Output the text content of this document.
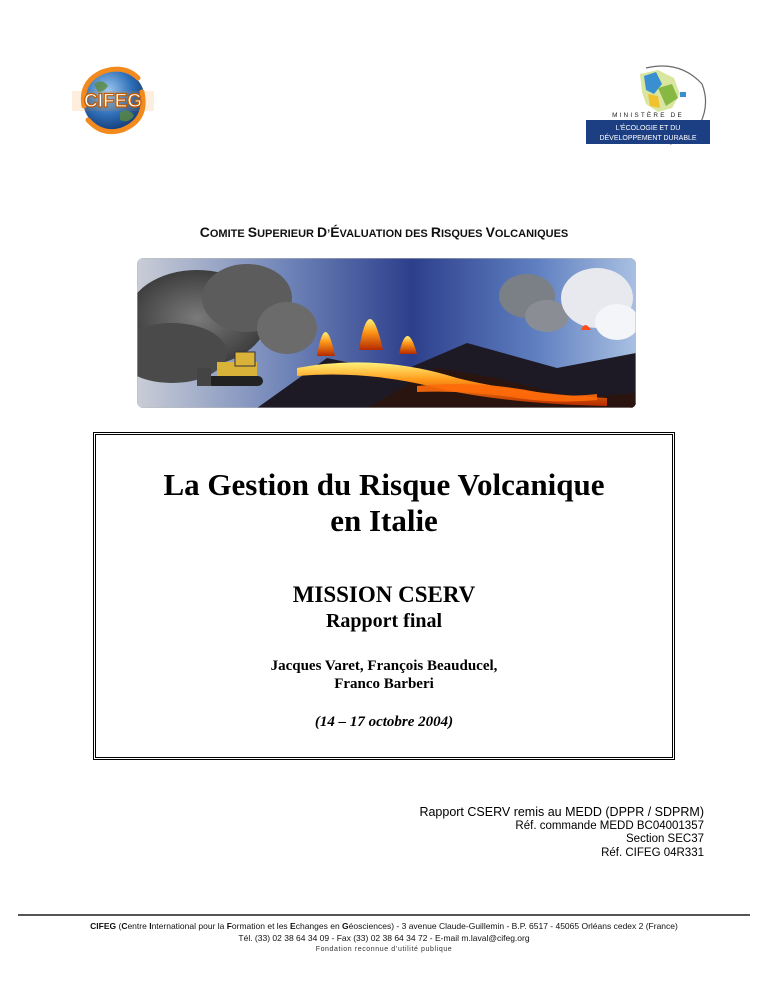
CIFEG
MINISTÈRE DE
L'ÉCOLOGIE ET DU
DÉVELOPPEMENT DURABLE
COMITE SUPERIEUR D’ÉVALUATION DES RISQUES VOLCANIQUES
La Gestion du Risque Volcanique
en Italie
MISSION CSERV
Rapport final
Jacques Varet, François Beauducel,
Franco Barberi
(14 – 17 octobre 2004)
Rapport CSERV remis au MEDD (DPPR / SDPRM)
Réf. commande MEDD BC04001357
Section SEC37
Réf. CIFEG 04R331
CIFEG (Centre International pour la Formation et les Echanges en Géosciences) - 3 avenue Claude-Guillemin - B.P. 6517 - 45065 Orléans cedex 2 (France)
Tél. (33) 02 38 64 34 09 - Fax (33) 02 38 64 34 72 - E-mail m.laval@cifeg.org
Fondation reconnue d’utilité publique
